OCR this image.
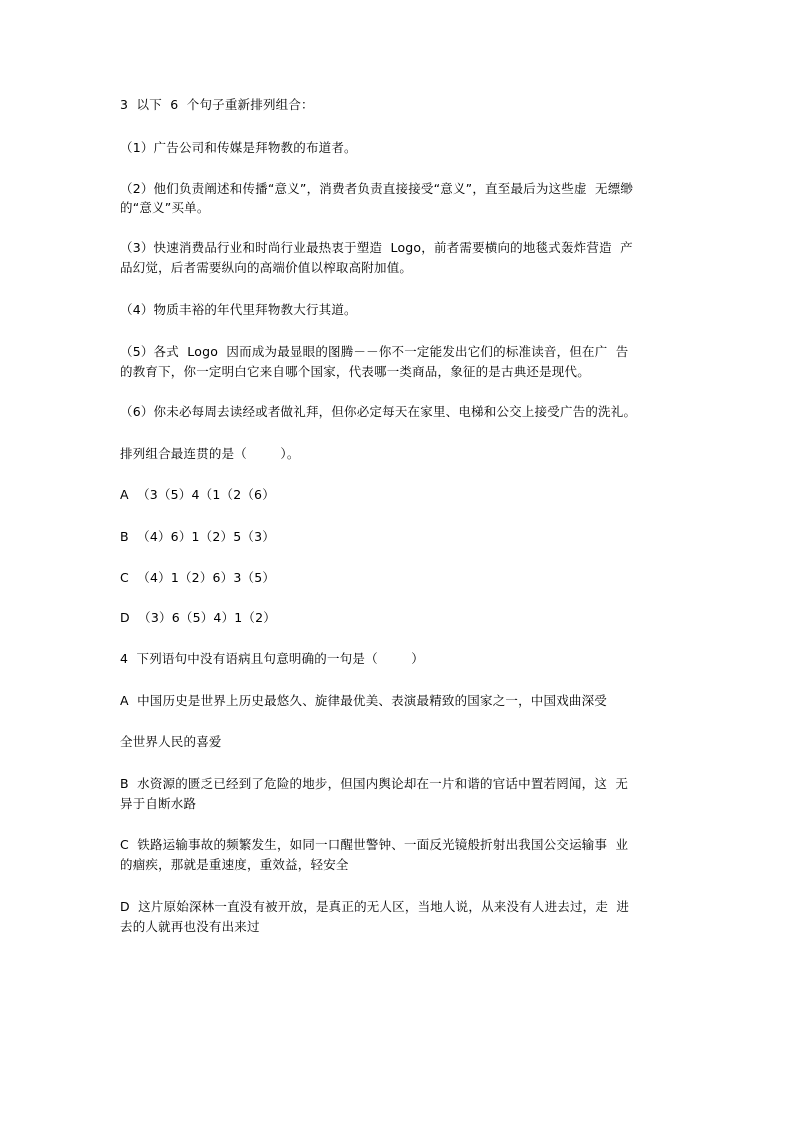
3  以下  6  个句子重新排列组合：
（1）广告公司和传媒是拜物教的布道者。
（2）他们负责阐述和传播“意义”，消费者负责直接接受“意义”，直至最后为这些虚  无缥缈
的“意义”买单。
（3）快速消费品行业和时尚行业最热衷于塑造  Logo，前者需要横向的地毯式轰炸营造  产
品幻觉，后者需要纵向的高端价值以榨取高附加值。
（4）物质丰裕的年代里拜物教大行其道。
（5）各式  Logo  因而成为最显眼的图腾－－你不一定能发出它们的标准读音，但在广  告
的教育下，你一定明白它来自哪个国家，代表哪一类商品，象征的是古典还是现代。
（6）你未必每周去读经或者做礼拜，但你必定每天在家里、电梯和公交上接受广告的洗礼。
排列组合最连贯的是（        ）。
A  （3（5）4（1（2（6）
B  （4）6）1（2）5（3）
C  （4）1（2）6）3（5）
D  （3）6（5）4）1（2）
4  下列语句中没有语病且句意明确的一句是（        ）
A  中国历史是世界上历史最悠久、旋律最优美、表演最精致的国家之一，中国戏曲深受
全世界人民的喜爱
B  水资源的匮乏已经到了危险的地步，但国内舆论却在一片和谐的官话中置若罔闻，这  无
异于自断水路
C  铁路运输事故的频繁发生，如同一口醒世警钟、一面反光镜般折射出我国公交运输事  业
的痼疾，那就是重速度，重效益，轻安全
D  这片原始深林一直没有被开放，是真正的无人区，当地人说，从来没有人进去过，走  进
去的人就再也没有出来过
